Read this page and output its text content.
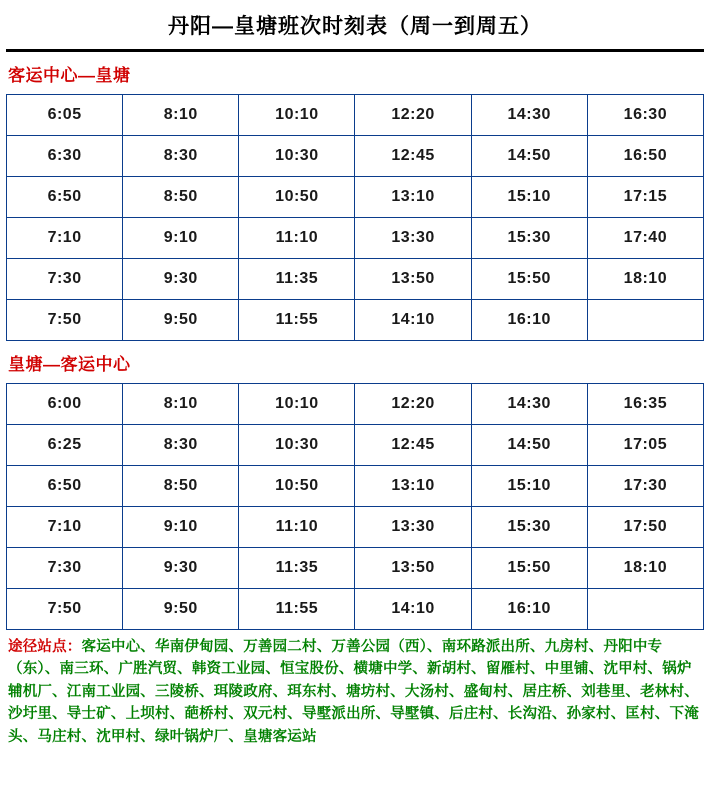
丹阳—皇塘班次时刻表（周一到周五）
客运中心—皇塘
6:05	8:10	10:10	12:20	14:30	16:30
6:30	8:30	10:30	12:45	14:50	16:50
6:50	8:50	10:50	13:10	15:10	17:15
7:10	9:10	11:10	13:30	15:30	17:40
7:30	9:30	11:35	13:50	15:50	18:10
7:50	9:50	11:55	14:10	16:10	
皇塘—客运中心
6:00	8:10	10:10	12:20	14:30	16:35
6:25	8:30	10:30	12:45	14:50	17:05
6:50	8:50	10:50	13:10	15:10	17:30
7:10	9:10	11:10	13:30	15:30	17:50
7:30	9:30	11:35	13:50	15:50	18:10
7:50	9:50	11:55	14:10	16:10	
途径站点：客运中心、华南伊甸园、万善园二村、万善公园（西）、南环路派出所、九房村、丹阳中专（东）、南三环、广胜汽贸、韩资工业园、恒宝股份、横塘中学、新胡村、留雁村、中里铺、沈甲村、锅炉辅机厂、江南工业园、三陵桥、珥陵政府、珥东村、塘坊村、大汤村、盛甸村、居庄桥、刘巷里、老林村、沙圩里、导士矿、上坝村、葩桥村、双元村、导墅派出所、导墅镇、后庄村、长沟沿、孙家村、匡村、下淹头、马庄村、沈甲村、绿叶锅炉厂、皇塘客运站
